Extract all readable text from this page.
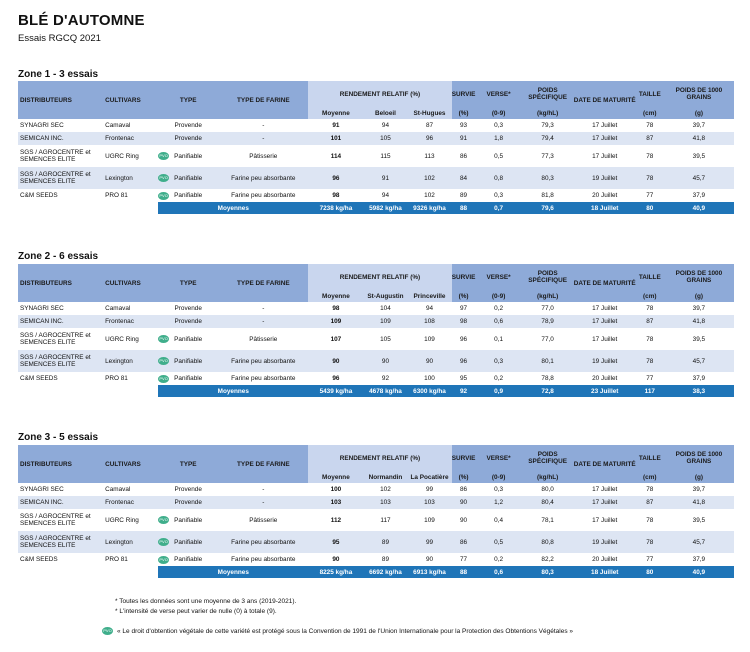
BLÉ D'AUTOMNE
Essais RGCQ 2021
Zone 1 - 3 essais
DISTRIBUTEURS	CULTIVARS	TYPE	TYPE DE FARINE	RENDEMENT RELATIF (%)			SURVIE	VERSE*	POIDS SPÉCIFIQUE	DATE DE MATURITÉ	TAILLE	POIDS DE 1000 GRAINS
				Moyenne	Beloeil	St-Hugues	(%)	(0-9)	(kg/hL)		(cm)	(g)
SYNAGRI SEC	Camaval	Provende	-	91	94	87	93	0,3	79,3	17 Juillet	78	39,7
SEMICAN INC.	Frontenac	Provende	-	101	105	96	91	1,8	79,4	17 Juillet	87	41,8
SGS / AGROCENTRE et SEMENCES ELITE	UGRC Ring PVO	Panifiable	Pâtisserie	114	115	113	86	0,5	77,3	17 Juillet	78	39,5
SGS / AGROCENTRE et SEMENCES ELITE	Lexington PVO	Panifiable	Farine peu absorbante	96	91	102	84	0,8	80,3	19 Juillet	78	45,7
C&M SEEDS	PRO 81 PVO	Panifiable	Farine peu absorbante	98	94	102	89	0,3	81,8	20 Juillet	77	37,9
		Moyennes		7238 kg/ha	5982 kg/ha	9326 kg/ha	88	0,7	79,6	18 Juillet	80	40,9
Zone 2 - 6 essais
DISTRIBUTEURS	CULTIVARS	TYPE	TYPE DE FARINE	RENDEMENT RELATIF (%)			SURVIE	VERSE*	POIDS SPÉCIFIQUE	DATE DE MATURITÉ	TAILLE	POIDS DE 1000 GRAINS
				Moyenne	St-Augustin	Princeville	(%)	(0-9)	(kg/hL)		(cm)	(g)
SYNAGRI SEC	Camaval	Provende	-	98	104	94	97	0,2	77,0	17 Juillet	78	39,7
SEMICAN INC.	Frontenac	Provende	-	109	109	108	98	0,6	78,9	17 Juillet	87	41,8
SGS / AGROCENTRE et SEMENCES ELITE	UGRC Ring PVO	Panifiable	Pâtisserie	107	105	109	96	0,1	77,0	17 Juillet	78	39,5
SGS / AGROCENTRE et SEMENCES ELITE	Lexington PVO	Panifiable	Farine peu absorbante	90	90	90	96	0,3	80,1	19 Juillet	78	45,7
C&M SEEDS	PRO 81 PVO	Panifiable	Farine peu absorbante	96	92	100	95	0,2	78,8	20 Juillet	77	37,9
		Moyennes		5439 kg/ha	4678 kg/ha	6300 kg/ha	92	0,9	72,8	23 Juillet	117	38,3
Zone 3 - 5 essais
DISTRIBUTEURS	CULTIVARS	TYPE	TYPE DE FARINE	RENDEMENT RELATIF (%)			SURVIE	VERSE*	POIDS SPÉCIFIQUE	DATE DE MATURITÉ	TAILLE	POIDS DE 1000 GRAINS
				Moyenne	Normandin	La Pocatière	(%)	(0-9)	(kg/hL)		(cm)	(g)
SYNAGRI SEC	Camaval	Provende	-	100	102	99	86	0,3	80,0	17 Juillet	78	39,7
SEMICAN INC.	Frontenac	Provende	-	103	103	103	90	1,2	80,4	17 Juillet	87	41,8
SGS / AGROCENTRE et SEMENCES ELITE	UGRC Ring PVO	Panifiable	Pâtisserie	112	117	109	90	0,4	78,1	17 Juillet	78	39,5
SGS / AGROCENTRE et SEMENCES ELITE	Lexington PVO	Panifiable	Farine peu absorbante	95	89	99	86	0,5	80,8	19 Juillet	78	45,7
C&M SEEDS	PRO 81 PVO	Panifiable	Farine peu absorbante	90	89	90	77	0,2	82,2	20 Juillet	77	37,9
		Moyennes		8225 kg/ha	6692 kg/ha	6913 kg/ha	88	0,6	80,3	18 Juillet	80	40,9
* Toutes les données sont une moyenne de 3 ans (2019-2021).
* L'intensité de verse peut varier de nulle (0) à totale (9).
PVO « Le droit d'obtention végétale de cette variété est protégé sous la Convention de 1991 de l'Union Internationale pour la Protection des Obtentions Végétales »
